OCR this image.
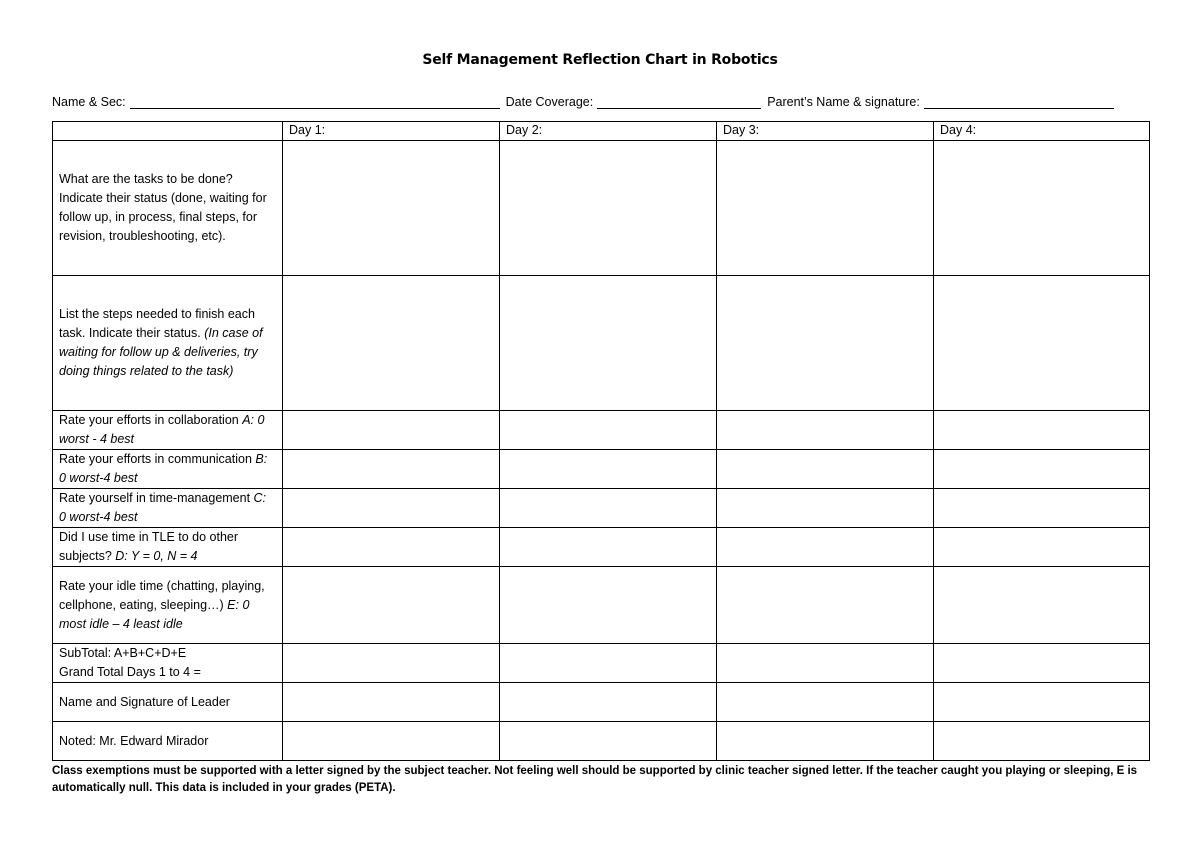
Self Management Reflection Chart in Robotics
Name & Sec:	Date Coverage:	Parent’s Name & signature:
	Day 1:	Day 2:	Day 3:	Day 4:
What are the tasks to be done? Indicate their status (done, waiting for follow up, in process, final steps, for revision, troubleshooting, etc).				
List the steps needed to finish each task. Indicate their status. (In case of waiting for follow up & deliveries, try doing things related to the task)				
Rate your efforts in collaboration A: 0 worst - 4 best				
Rate your efforts in communication B: 0 worst-4 best				
Rate yourself in time-management C: 0 worst-4 best				
Did I use time in TLE to do other subjects? D: Y = 0, N = 4				
Rate your idle time (chatting, playing, cellphone, eating, sleeping…) E: 0 most idle – 4 least idle				
SubTotal: A+B+C+D+E
Grand Total Days 1 to 4 =				
Name and Signature of Leader				
Noted: Mr. Edward Mirador				
Class exemptions must be supported with a letter signed by the subject teacher. Not feeling well should be supported by clinic teacher signed letter. If the teacher caught you playing or sleeping, E is automatically null. This data is included in your grades (PETA).
